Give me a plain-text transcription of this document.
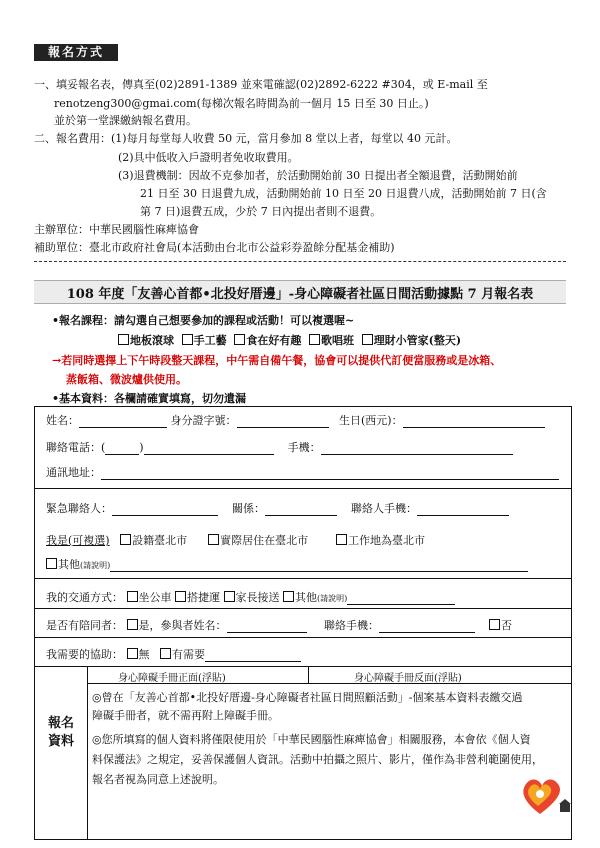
報名方式
一、填妥報名表，傳真至(02)2891-1389 並來電確認(02)2892-6222 #304，或 E-mail 至
renotzeng300@gmai.com(每梯次報名時間為前一個月 15 日至 30 日止。)
並於第一堂課繳納報名費用。
二、報名費用：(1)每月每堂每人收費 50 元，當月參加 8 堂以上者，每堂以 40 元計。
(2)具中低收入戶證明者免收取費用。
(3)退費機制：因故不克參加者，於活動開始前 30 日提出者全額退費，活動開始前
21 日至 30 日退費九成，活動開始前 10 日至 20 日退費八成，活動開始前 7 日(含
第 7 日)退費五成，少於 7 日內提出者則不退費。
主辦單位：中華民國腦性麻痺協會
補助單位：臺北市政府社會局(本活動由台北市公益彩券盈餘分配基金補助)
108 年度「友善心首都•北投好厝邊」-身心障礙者社區日間活動據點 7 月報名表
•報名課程：請勾選自己想要參加的課程或活動！可以複選喔~
地板滾球 手工藝 食在好有趣 歌唱班 理財小管家(整天)
→若同時選擇上下午時段整天課程，中午需自備午餐，協會可以提供代訂便當服務或是冰箱、
蒸飯箱、微波爐供使用。
•基本資料：各欄請確實填寫，切勿遺漏
姓名：	身分證字號：	生日(西元)：
聯絡電話：(	)	手機：
通訊地址：
緊急聯絡人：	關係：	聯絡人手機：
我是(可複選) 設籍臺北市	實際居住在臺北市	工作地為臺北市
其他(請說明)
我的交通方式： 坐公車 搭捷運 家長接送 其他(請說明)
是否有陪同者： 是，參與者姓名：	聯絡手機：	否
我需要的協助： 無 有需要
身心障礙手冊正面(浮貼)	身心障礙手冊反面(浮貼)
報名
資料
◎曾在「友善心首都•北投好厝邊-身心障礙者社區日間照顧活動」-個案基本資料表繳交過
障礙手冊者，就不需再附上障礙手冊。
◎您所填寫的個人資料將僅限使用於「中華民國腦性麻痺協會」相關服務，本會依《個人資
料保護法》之規定，妥善保護個人資訊。活動中拍攝之照片、影片，僅作為非營利範圍使用，
報名者視為同意上述說明。
